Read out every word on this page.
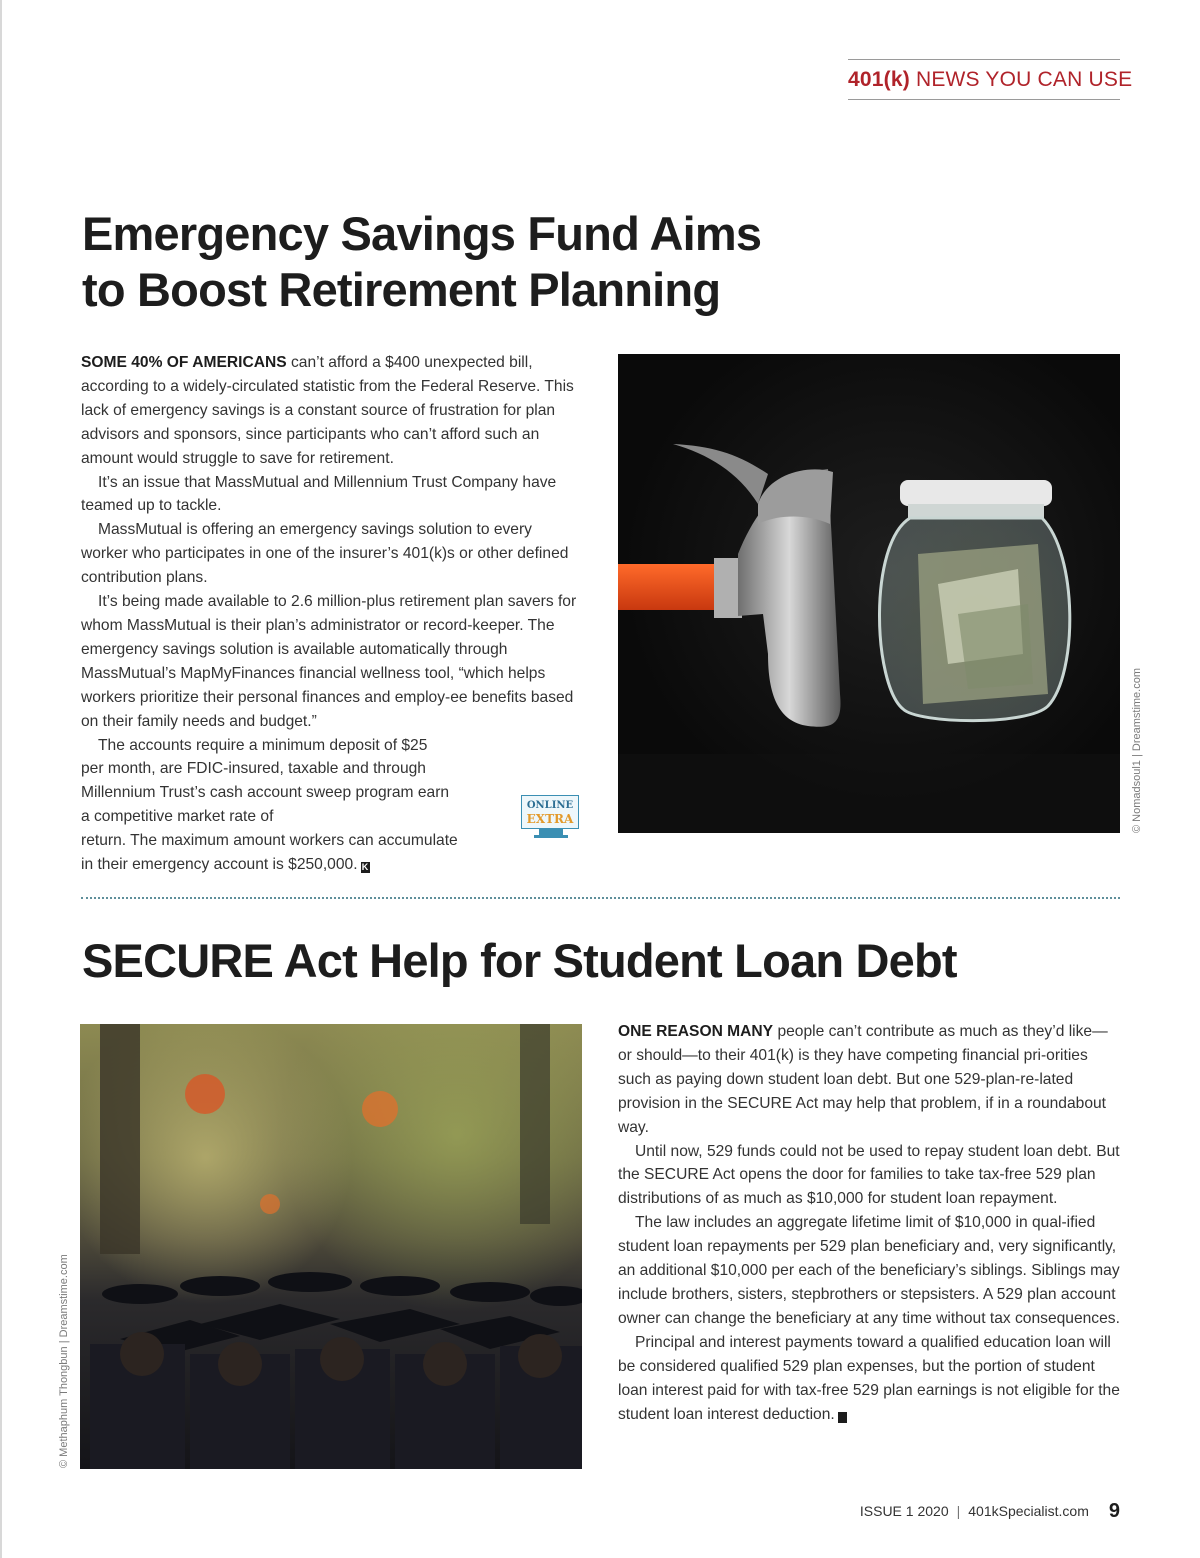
401(k) NEWS YOU CAN USE
Emergency Savings Fund Aims
to Boost Retirement Planning

SOME 40% OF AMERICANS can’t afford a $400 unexpected bill, according to a widely-circulated statistic from the Federal Reserve. This lack of emergency savings is a constant source of frustration for plan advisors and sponsors, since participants who can’t afford such an amount would struggle to save for retirement.

It’s an issue that MassMutual and Millennium Trust Company have teamed up to tackle.

MassMutual is offering an emergency savings solution to every worker who participates in one of the insurer’s 401(k)s or other defined contribution plans.

It’s being made available to 2.6 million-plus retirement plan savers for whom MassMutual is their plan’s administrator or record-keeper. The emergency savings solution is available automatically through MassMutual’s MapMyFinances financial wellness tool, “which helps workers prioritize their personal finances and employ-ee benefits based on their family needs and budget.”

The accounts require a minimum deposit of $25 per month, are FDIC-insured, taxable and through Millennium Trust’s cash account sweep program earn a competitive market rate of

return. The maximum amount workers can accumulate

in their emergency account is $250,000. K

ONLINE
EXTRA	© Nomadsoul1 | Dreamstime.com
SECURE Act Help for Student Loan Debt
© Methaphum Thongbun | Dreamstime.com

ONE REASON MANY people can’t contribute as much as they’d like—or should—to their 401(k) is they have competing financial pri-orities such as paying down student loan debt. But one 529-plan-re-lated provision in the SECURE Act may help that problem, if in a roundabout way.

Until now, 529 funds could not be used to repay student loan debt. But the SECURE Act opens the door for families to take tax-free 529 plan distributions of as much as $10,000 for student loan repayment.

The law includes an aggregate lifetime limit of $10,000 in qual-ified student loan repayments per 529 plan beneficiary and, very significantly, an additional $10,000 per each of the beneficiary’s siblings. Siblings may include brothers, sisters, stepbrothers or stepsisters. A 529 plan account owner can change the beneficiary at any time without tax consequences.

Principal and interest payments toward a qualified education loan will be considered qualified 529 plan expenses, but the portion of student loan interest paid for with tax-free 529 plan earnings is not eligible for the student loan interest deduction. K

ISSUE 1 2020 | 401kSpecialist.com 9
